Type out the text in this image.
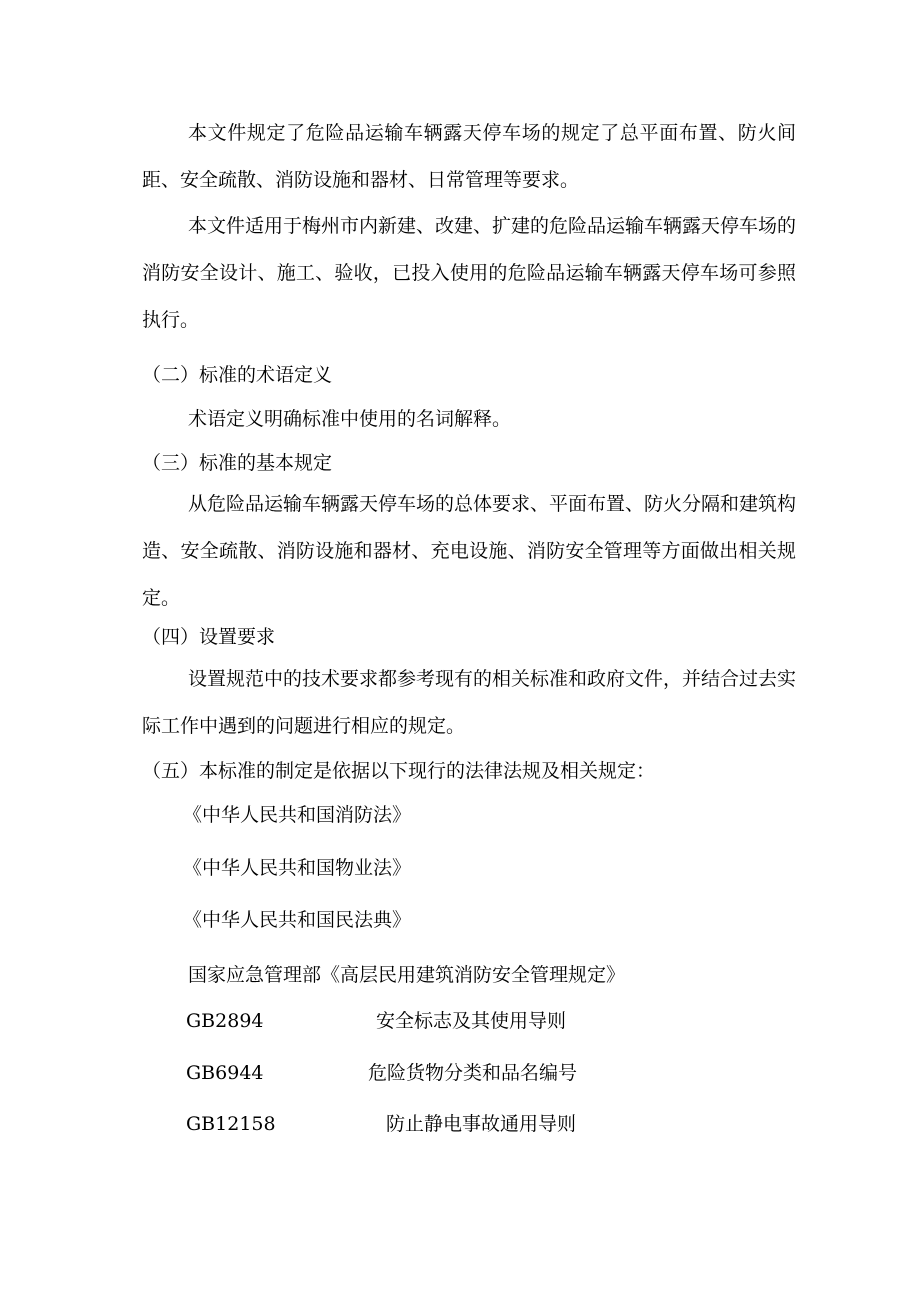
本文件规定了危险品运输车辆露天停车场的规定了总平面布置、防火间距、安全疏散、消防设施和器材、日常管理等要求。
本文件适用于梅州市内新建、改建、扩建的危险品运输车辆露天停车场的消防安全设计、施工、验收，已投入使用的危险品运输车辆露天停车场可参照执行。
（二）标准的术语定义
术语定义明确标准中使用的名词解释。
（三）标准的基本规定
从危险品运输车辆露天停车场的总体要求、平面布置、防火分隔和建筑构造、安全疏散、消防设施和器材、充电设施、消防安全管理等方面做出相关规定。
（四）设置要求
设置规范中的技术要求都参考现有的相关标准和政府文件，并结合过去实际工作中遇到的问题进行相应的规定。
（五）本标准的制定是依据以下现行的法律法规及相关规定：
《中华人民共和国消防法》
《中华人民共和国物业法》
《中华人民共和国民法典》
国家应急管理部《高层民用建筑消防安全管理规定》
GB2894	安全标志及其使用导则
GB6944	危险货物分类和品名编号
GB12158	防止静电事故通用导则
